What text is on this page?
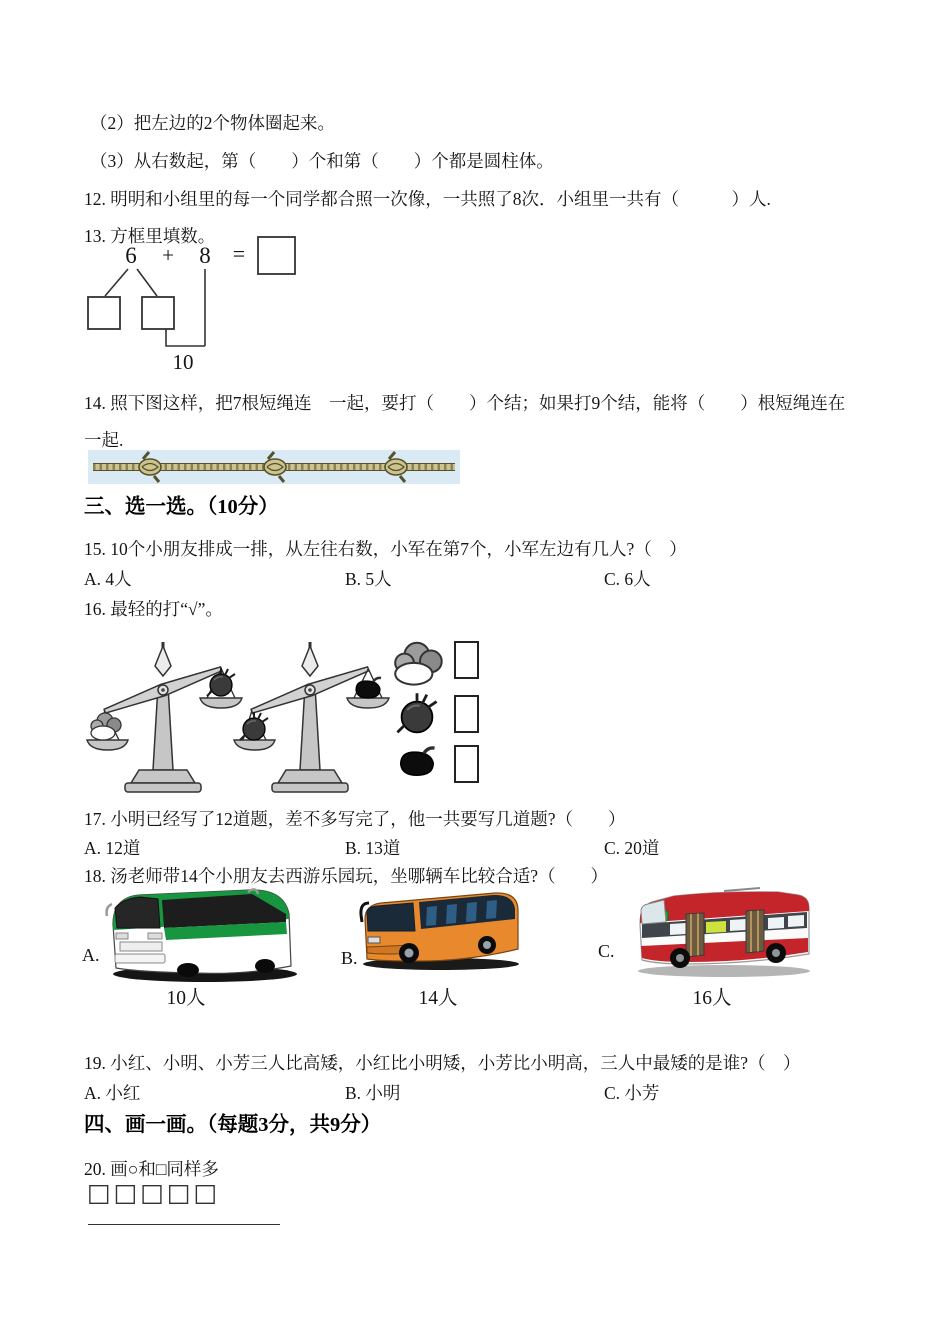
（2）把左边的2个物体圈起来。
（3）从右数起，第（　　）个和第（　　）个都是圆柱体。
12. 明明和小组里的每一个同学都合照一次像，一共照了8次．小组里一共有（　　　）人.
13. 方框里填数。
6 + 8 =
10
14. 照下图这样，把7根短绳连　一起，要打（　　）个结；如果打9个结，能将（　　）根短绳连在
一起.
三、选一选。（10分）
15. 10个小朋友排成一排，从左往右数，小军在第7个，小军左边有几人?（　）
A. 4人	B. 5人	C. 6人
16. 最轻的打“√”。
17. 小明已经写了12道题，差不多写完了，他一共要写几道题?（　　）
A. 12道	B. 13道	C. 20道
18. 汤老师带14个小朋友去西游乐园玩，坐哪辆车比较合适?（　　）
A.
10人
B.
14人
C.
16人
19. 小红、小明、小芳三人比高矮，小红比小明矮，小芳比小明高，三人中最矮的是谁?（　）
A. 小红	B. 小明	C. 小芳
四、画一画。（每题3分，共9分）
20. 画○和□同样多
□□□□□
